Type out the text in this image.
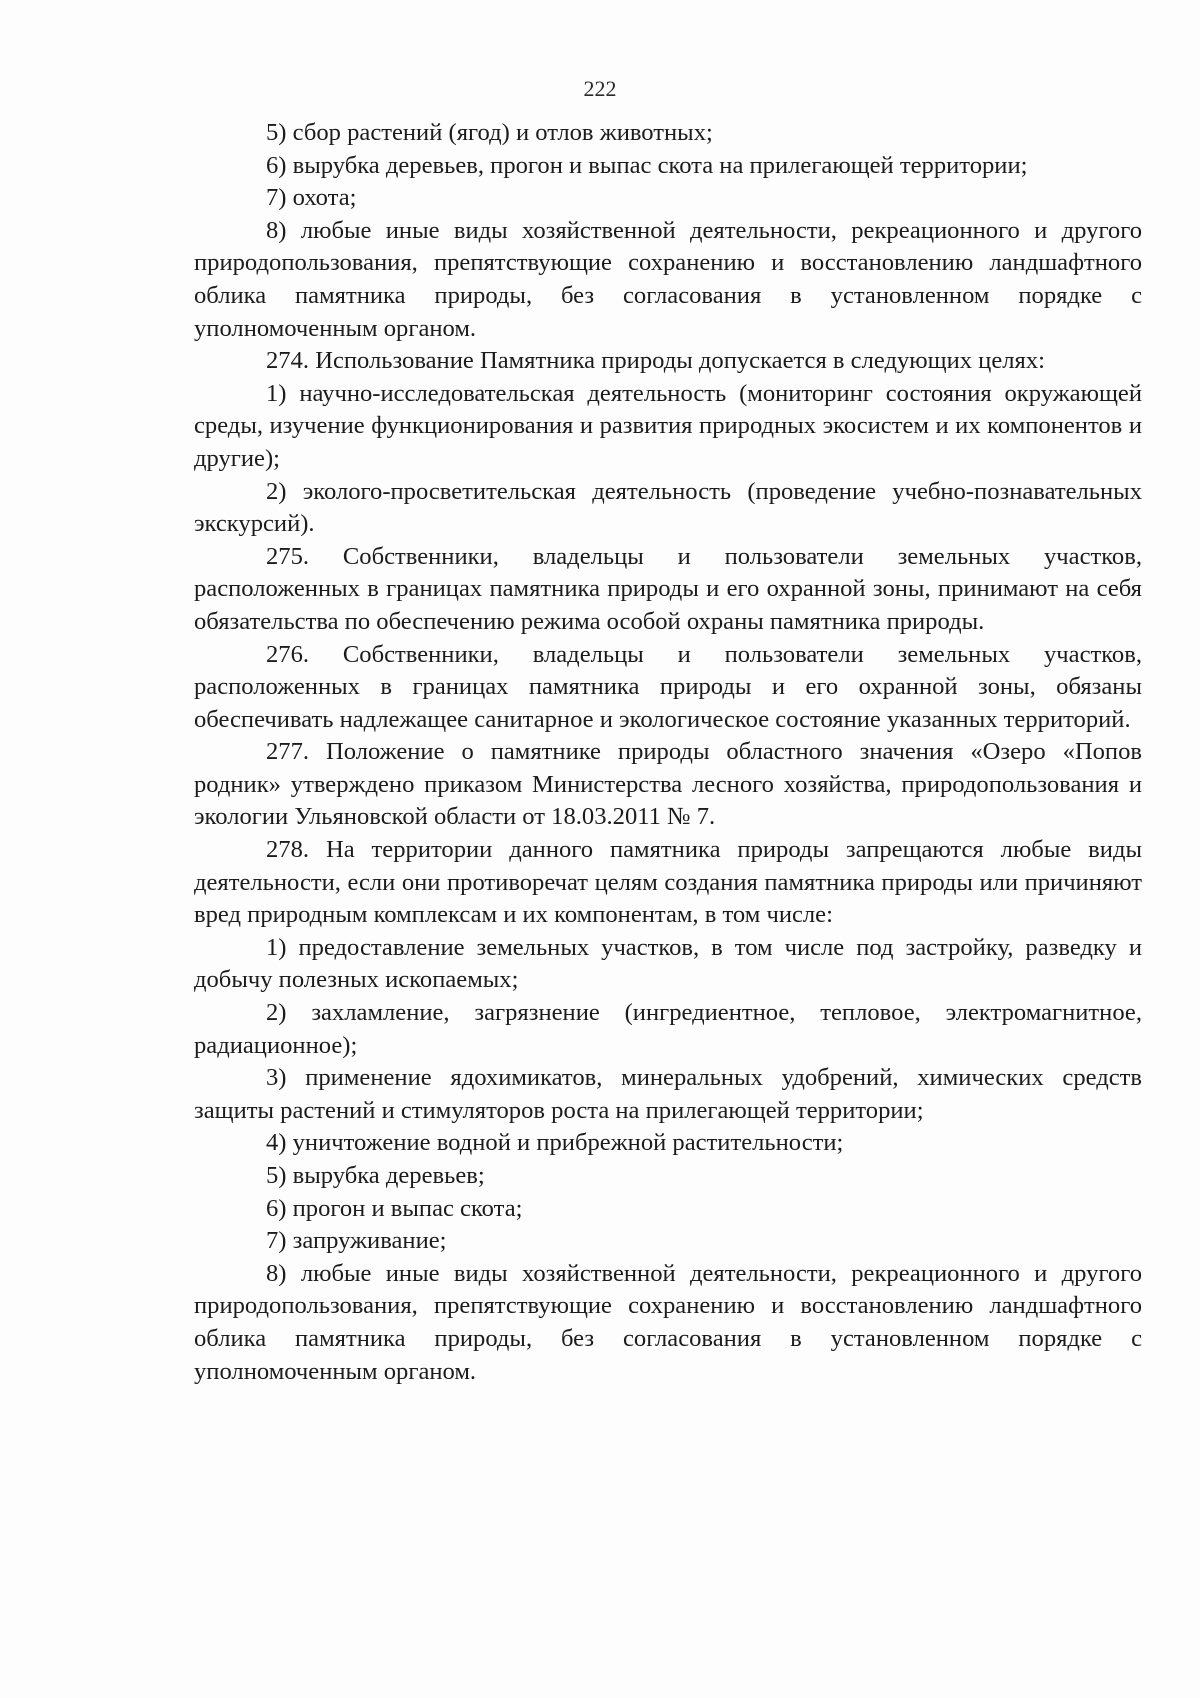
222

5) сбор растений (ягод) и отлов животных;

6) вырубка деревьев, прогон и выпас скота на прилегающей территории;

7) охота;

8) любые иные виды хозяйственной деятельности, рекреационного и другого природопользования, препятствующие сохранению и восстановлению ландшафтного облика памятника природы, без согласования в установленном порядке с уполномоченным органом.

274. Использование Памятника природы допускается в следующих целях:

1) научно-исследовательская деятельность (мониторинг состояния окружающей среды, изучение функционирования и развития природных экосистем и их компонентов и другие);

2) эколого-просветительская деятельность (проведение учебно-познавательных экскурсий).

275. Собственники, владельцы и пользователи земельных участков, расположенных в границах памятника природы и его охранной зоны, принимают на себя обязательства по обеспечению режима особой охраны памятника природы.

276. Собственники, владельцы и пользователи земельных участков, расположенных в границах памятника природы и его охранной зоны, обязаны обеспечивать надлежащее санитарное и экологическое состояние указанных территорий.

277. Положение о памятнике природы областного значения «Озеро «Попов родник» утверждено приказом Министерства лесного хозяйства, природопользования и экологии Ульяновской области от 18.03.2011 № 7.

278. На территории данного памятника природы запрещаются любые виды деятельности, если они противоречат целям создания памятника природы или причиняют вред природным комплексам и их компонентам, в том числе:

1) предоставление земельных участков, в том числе под застройку, разведку и добычу полезных ископаемых;

2) захламление, загрязнение (ингредиентное, тепловое, электромагнитное, радиационное);

3) применение ядохимикатов, минеральных удобрений, химических средств защиты растений и стимуляторов роста на прилегающей территории;

4) уничтожение водной и прибрежной растительности;

5) вырубка деревьев;

6) прогон и выпас скота;

7) запруживание;

8) любые иные виды хозяйственной деятельности, рекреационного и другого природопользования, препятствующие сохранению и восстановлению ландшафтного облика памятника природы, без согласования в установленном порядке с уполномоченным органом.
